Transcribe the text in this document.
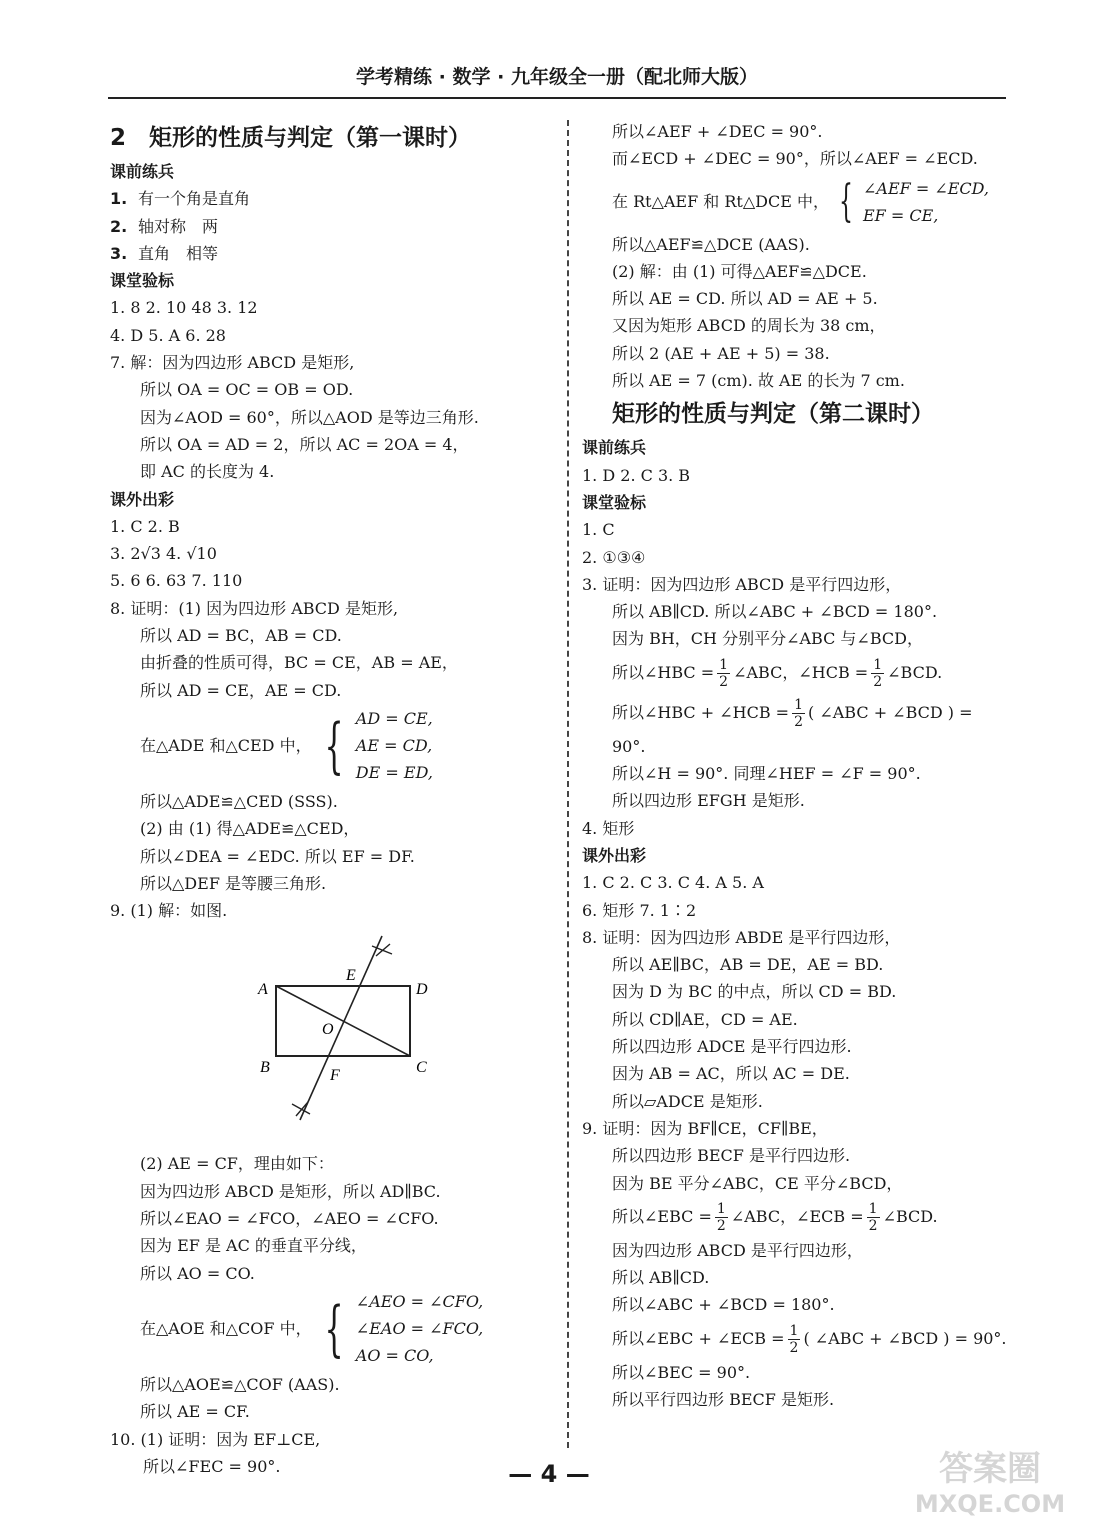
学考精练 · 数学 · 九年级全一册（配北师大版）
2　矩形的性质与判定（第一课时）
课前练兵
1. 有一个角是直角
2. 轴对称　两
3. 直角　相等
课堂验标
1. 8 2. 10 48 3. 12
4. D 5. A 6. 28
7. 解：因为四边形 ABCD 是矩形,
所以 OA = OC = OB = OD.
因为∠AOD = 60°，所以△AOD 是等边三角形.
所以 OA = AD = 2，所以 AC = 2OA = 4，
即 AC 的长度为 4.
课外出彩
1. C 2. B
3. 2√3 4. √10
5. 6 6. 63 7. 110
8. 证明：(1) 因为四边形 ABCD 是矩形,
所以 AD = BC，AB = CD.
由折叠的性质可得，BC = CE，AB = AE，
所以 AD = CE，AE = CD.
在△ADE 和△CED 中， { AD = CE,
AE = CD,
DE = ED,
所以△ADE≌△CED (SSS).
(2) 由 (1) 得△ADE≌△CED，
所以∠DEA = ∠EDC. 所以 EF = DF.
所以△DEF 是等腰三角形.
9. (1) 解：如图.
A	D
B	C
E
F
O
(2) AE = CF，理由如下：
因为四边形 ABCD 是矩形，所以 AD∥BC.
所以∠EAO = ∠FCO，∠AEO = ∠CFO.
因为 EF 是 AC 的垂直平分线，
所以 AO = CO.
在△AOE 和△COF 中， { ∠AEO = ∠CFO,
∠EAO = ∠FCO,
AO = CO,
所以△AOE≌△COF (AAS).
所以 AE = CF.
10. (1) 证明：因为 EF⊥CE,
所以∠FEC = 90°.
所以∠AEF + ∠DEC = 90°.
而∠ECD + ∠DEC = 90°，所以∠AEF = ∠ECD.
在 Rt△AEF 和 Rt△DCE 中， { ∠AEF = ∠ECD,
EF = CE,
所以△AEF≌△DCE (AAS).
(2) 解：由 (1) 可得△AEF≌△DCE.
所以 AE = CD. 所以 AD = AE + 5.
又因为矩形 ABCD 的周长为 38 cm，
所以 2 (AE + AE + 5) = 38.
所以 AE = 7 (cm). 故 AE 的长为 7 cm.
矩形的性质与判定（第二课时）
课前练兵
1. D 2. C 3. B
课堂验标
1. C
2. ①③④
3. 证明：因为四边形 ABCD 是平行四边形，
所以 AB∥CD. 所以∠ABC + ∠BCD = 180°.
因为 BH，CH 分别平分∠ABC 与∠BCD，
所以∠HBC = $\frac{1}{2}$ ∠ABC，∠HCB = $\frac{1}{2}$ ∠BCD.
所以∠HBC + ∠HCB = $\frac{1}{2}$ ( ∠ABC + ∠BCD ) =
90°.
所以∠H = 90°. 同理∠HEF = ∠F = 90°.
所以四边形 EFGH 是矩形.
4. 矩形
课外出彩
1. C 2. C 3. C 4. A 5. A
6. 矩形 7. 1∶2
8. 证明：因为四边形 ABDE 是平行四边形，
所以 AE∥BC，AB = DE，AE = BD.
因为 D 为 BC 的中点，所以 CD = BD.
所以 CD∥AE，CD = AE.
所以四边形 ADCE 是平行四边形.
因为 AB = AC，所以 AC = DE.
所以▱ADCE 是矩形.
9. 证明：因为 BF∥CE，CF∥BE，
所以四边形 BECF 是平行四边形.
因为 BE 平分∠ABC，CE 平分∠BCD，
所以∠EBC = $\frac{1}{2}$ ∠ABC，∠ECB = $\frac{1}{2}$ ∠BCD.
因为四边形 ABCD 是平行四边形，
所以 AB∥CD.
所以∠ABC + ∠BCD = 180°.
所以∠EBC + ∠ECB = $\frac{1}{2}$ ( ∠ABC + ∠BCD ) = 90°.
所以∠BEC = 90°.
所以平行四边形 BECF 是矩形.
— 4 —	答案圈
MXQE.COM
